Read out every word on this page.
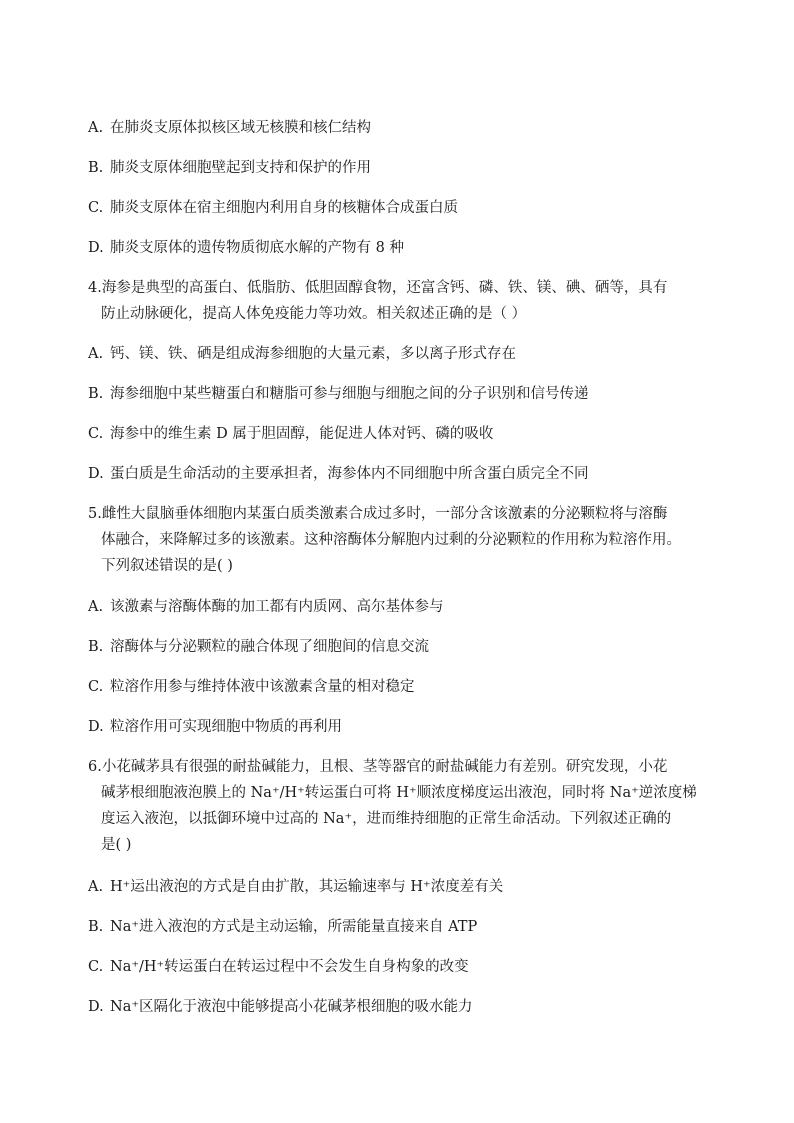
A. 在肺炎支原体拟核区域无核膜和核仁结构
B. 肺炎支原体细胞壁起到支持和保护的作用
C. 肺炎支原体在宿主细胞内利用自身的核糖体合成蛋白质
D. 肺炎支原体的遗传物质彻底水解的产物有 8 种
4.海参是典型的高蛋白、低脂肪、低胆固醇食物，还富含钙、磷、铁、镁、碘、硒等，具有
防止动脉硬化，提高人体免疫能力等功效。相关叙述正确的是（ ）
A. 钙、镁、铁、硒是组成海参细胞的大量元素，多以离子形式存在
B. 海参细胞中某些糖蛋白和糖脂可参与细胞与细胞之间的分子识别和信号传递
C. 海参中的维生素 D 属于胆固醇，能促进人体对钙、磷的吸收
D. 蛋白质是生命活动的主要承担者，海参体内不同细胞中所含蛋白质完全不同
5.雌性大鼠脑垂体细胞内某蛋白质类激素合成过多时，一部分含该激素的分泌颗粒将与溶酶
体融合，来降解过多的该激素。这种溶酶体分解胞内过剩的分泌颗粒的作用称为粒溶作用。
下列叙述错误的是( )
A. 该激素与溶酶体酶的加工都有内质网、高尔基体参与
B. 溶酶体与分泌颗粒的融合体现了细胞间的信息交流
C. 粒溶作用参与维持体液中该激素含量的相对稳定
D. 粒溶作用可实现细胞中物质的再利用
6.小花碱茅具有很强的耐盐碱能力，且根、茎等器官的耐盐碱能力有差别。研究发现，小花
碱茅根细胞液泡膜上的 Na⁺/H⁺转运蛋白可将 H⁺顺浓度梯度运出液泡，同时将 Na⁺逆浓度梯
度运入液泡，以抵御环境中过高的 Na⁺，进而维持细胞的正常生命活动。下列叙述正确的
是( )
A. H⁺运出液泡的方式是自由扩散，其运输速率与 H⁺浓度差有关
B. Na⁺进入液泡的方式是主动运输，所需能量直接来自 ATP
C. Na⁺/H⁺转运蛋白在转运过程中不会发生自身构象的改变
D. Na⁺区隔化于液泡中能够提高小花碱茅根细胞的吸水能力
